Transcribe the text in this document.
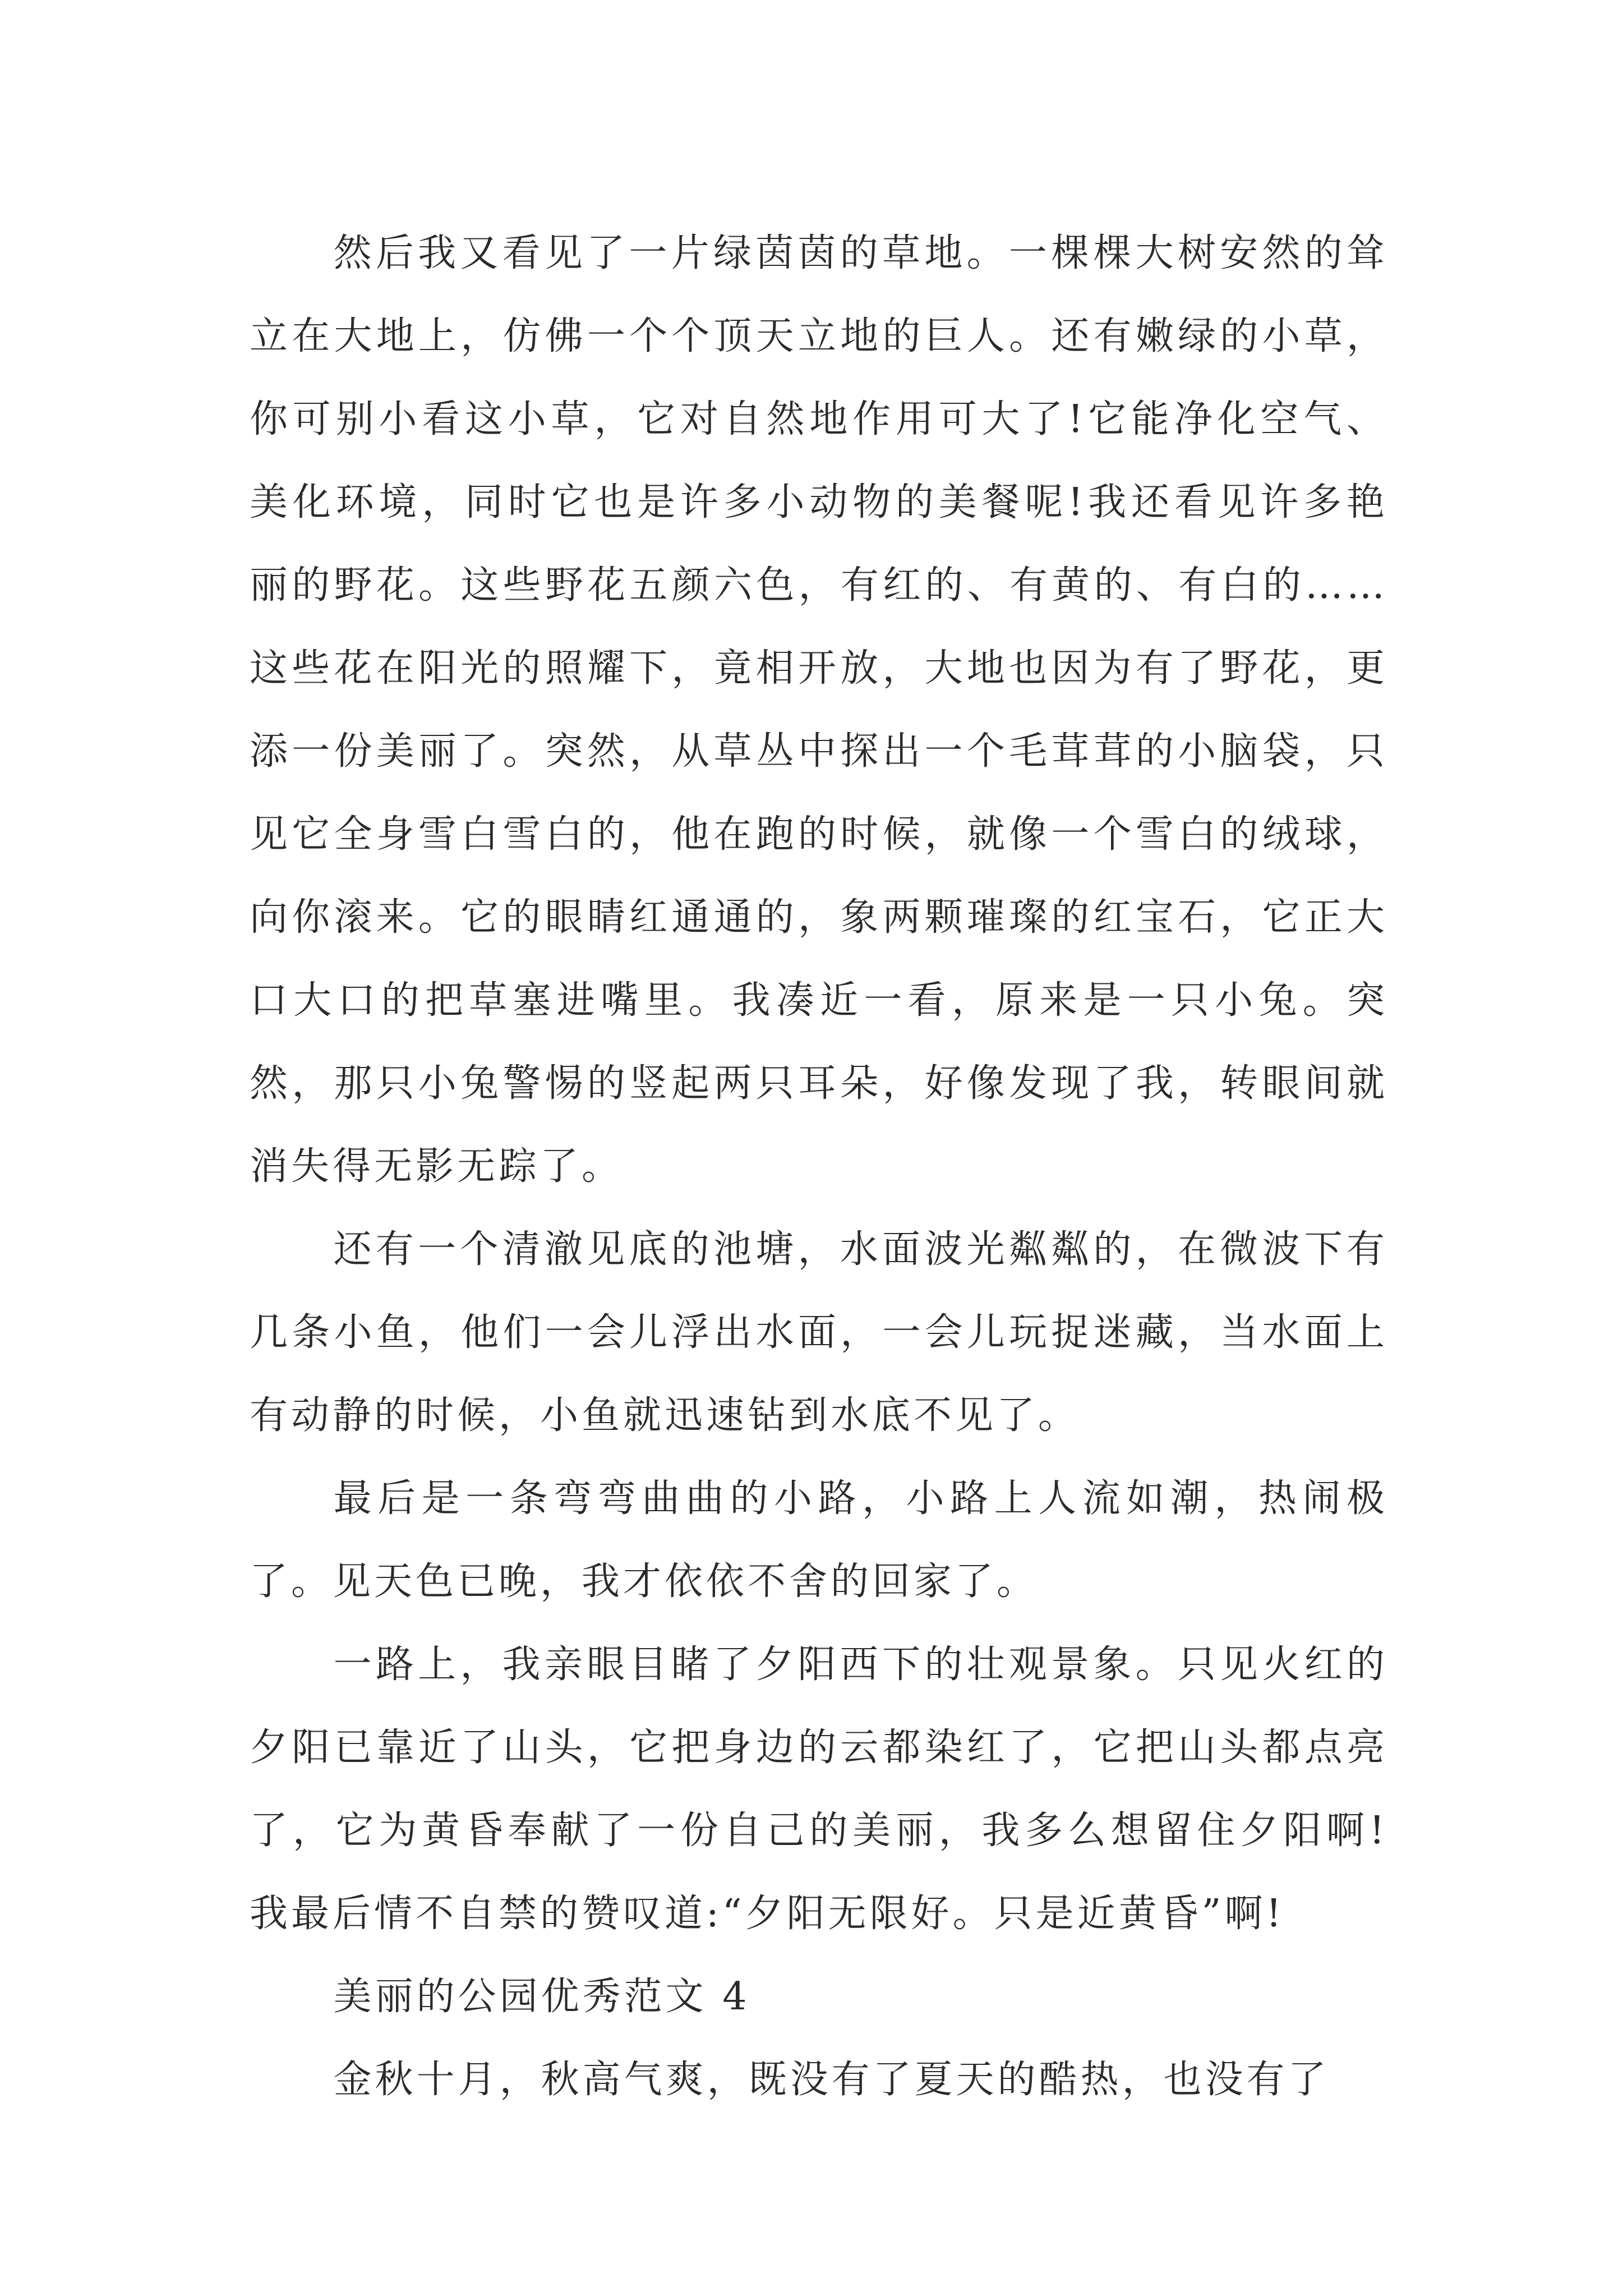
然后我又看见了一片绿茵茵的草地。一棵棵大树安然的耸立在大地上，仿佛一个个顶天立地的巨人。还有嫩绿的小草，你可别小看这小草，它对自然地作用可大了!它能净化空气、美化环境，同时它也是许多小动物的美餐呢!我还看见许多艳丽的野花。这些野花五颜六色，有红的、有黄的、有白的……这些花在阳光的照耀下，竟相开放，大地也因为有了野花，更添一份美丽了。突然，从草丛中探出一个毛茸茸的小脑袋，只见它全身雪白雪白的，他在跑的时候，就像一个雪白的绒球，向你滚来。它的眼睛红通通的，象两颗璀璨的红宝石，它正大口大口的把草塞进嘴里。我凑近一看，原来是一只小兔。突然，那只小兔警惕的竖起两只耳朵，好像发现了我，转眼间就消失得无影无踪了。

还有一个清澈见底的池塘，水面波光粼粼的，在微波下有几条小鱼，他们一会儿浮出水面，一会儿玩捉迷藏，当水面上有动静的时候，小鱼就迅速钻到水底不见了。

最后是一条弯弯曲曲的小路，小路上人流如潮，热闹极了。见天色已晚，我才依依不舍的回家了。

一路上，我亲眼目睹了夕阳西下的壮观景象。只见火红的夕阳已靠近了山头，它把身边的云都染红了，它把山头都点亮了，它为黄昏奉献了一份自己的美丽，我多么想留住夕阳啊!我最后情不自禁的赞叹道:“夕阳无限好。只是近黄昏”啊!

美丽的公园优秀范文 4

金秋十月，秋高气爽，既没有了夏天的酷热，也没有了
